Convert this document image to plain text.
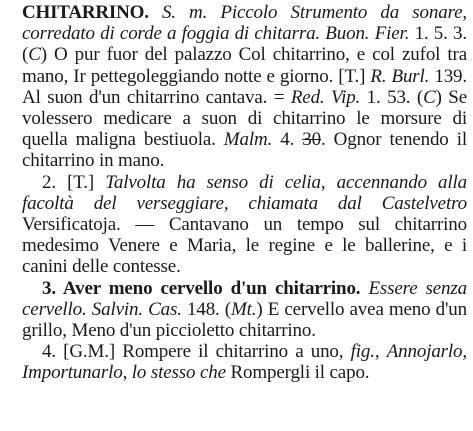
CHITARRINO. S. m. Piccolo Strumento da sonare, corredato di corde a foggia di chitarra. Buon. Fier. 1. 5. 3. (C) O pur fuor del palazzo Col chitarrino, e col zufol tra mano, Ir pettegoleggiando notte e giorno. [T.] R. Burl. 139. Al suon d'un chitarrino cantava. = Red. Vip. 1. 53. (C) Se volessero medicare a suon di chitarrino le morsure di quella maligna bestiuola. Malm. 4. 30. Ognor tenendo il chitarrino in mano.

2. [T.] Talvolta ha senso di celia, accennando alla facoltà del verseggiare, chiamata dal Castelvetro Versificatoja. — Cantavano un tempo sul chitarrino medesimo Venere e Maria, le regine e le ballerine, e i canini delle contesse.

3. Aver meno cervello d'un chitarrino. Essere senza cervello. Salvin. Cas. 148. (Mt.) E cervello avea meno d'un grillo, Meno d'un piccioletto chitarrino.

4. [G.M.] Rompere il chitarrino a uno, fig., Annojarlo, Importunarlo, lo stesso che Rompergli il capo.
